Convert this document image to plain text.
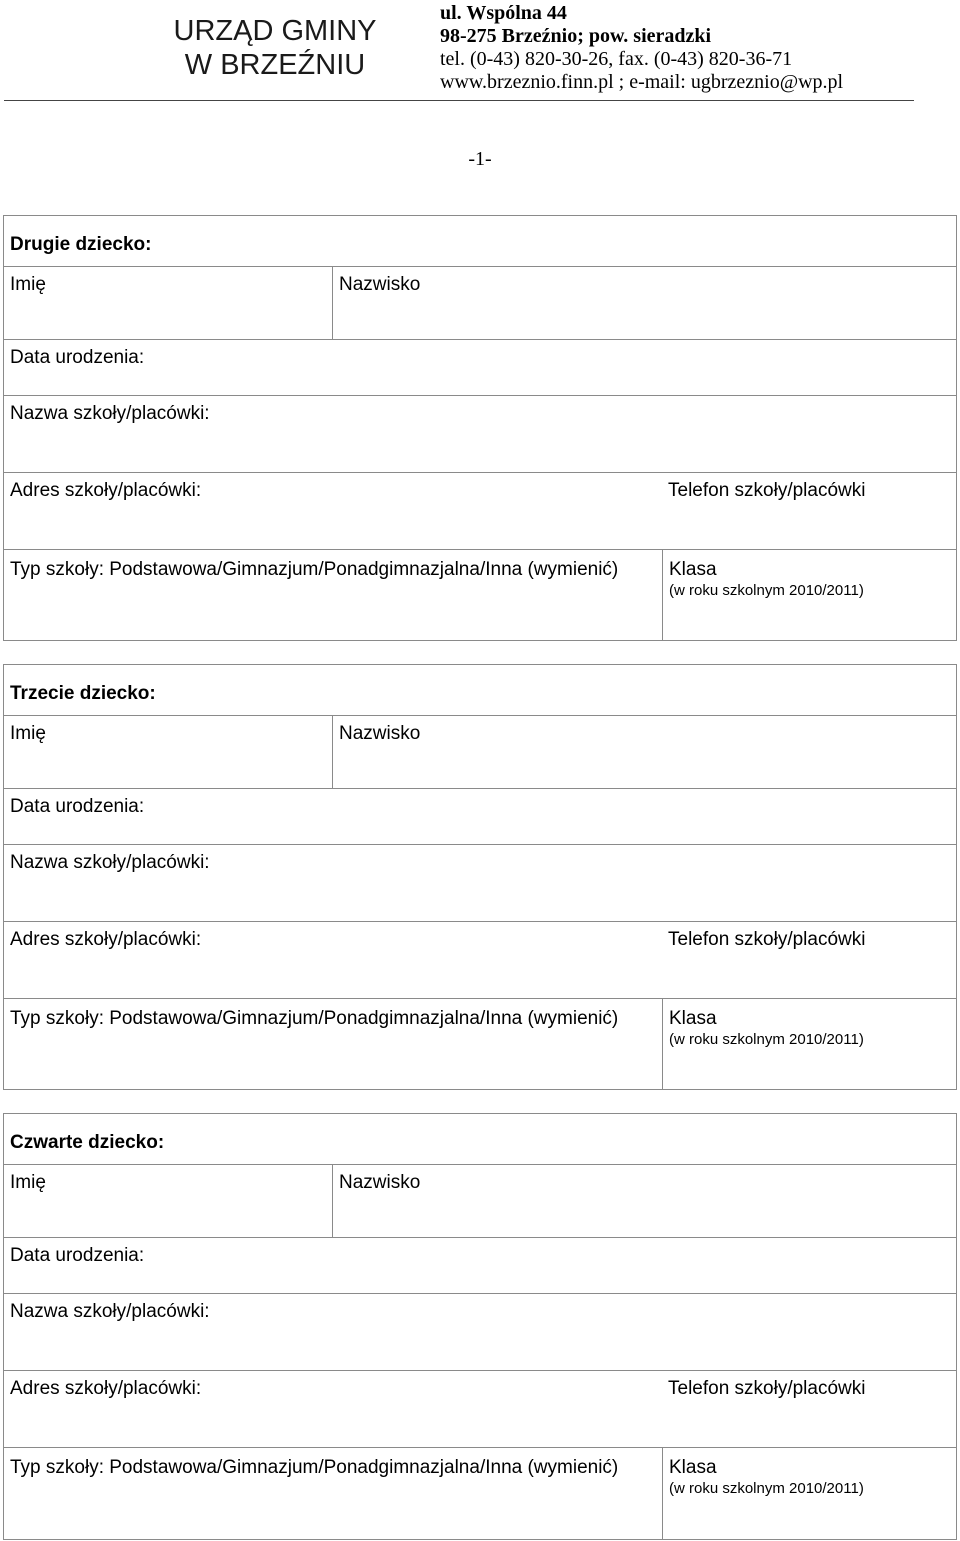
URZĄD GMINY
W BRZEŹNIU
ul. Wspólna 44
98-275 Brzeźnio; pow. sieradzki
tel. (0-43) 820-30-26, fax. (0-43) 820-36-71
www.brzeznio.finn.pl ; e-mail: ugbrzeznio@wp.pl
-1-
Drugie dziecko:
Imię	Nazwisko
Data urodzenia:
Nazwa szkoły/placówki:
Adres szkoły/placówki:	Telefon szkoły/placówki
Typ szkoły: Podstawowa/Gimnazjum/Ponadgimnazjalna/Inna (wymienić)	Klasa
(w roku szkolnym 2010/2011)
Trzecie dziecko:
Imię	Nazwisko
Data urodzenia:
Nazwa szkoły/placówki:
Adres szkoły/placówki:	Telefon szkoły/placówki
Typ szkoły: Podstawowa/Gimnazjum/Ponadgimnazjalna/Inna (wymienić)	Klasa
(w roku szkolnym 2010/2011)
Czwarte dziecko:
Imię	Nazwisko
Data urodzenia:
Nazwa szkoły/placówki:
Adres szkoły/placówki:	Telefon szkoły/placówki
Typ szkoły: Podstawowa/Gimnazjum/Ponadgimnazjalna/Inna (wymienić)	Klasa
(w roku szkolnym 2010/2011)
